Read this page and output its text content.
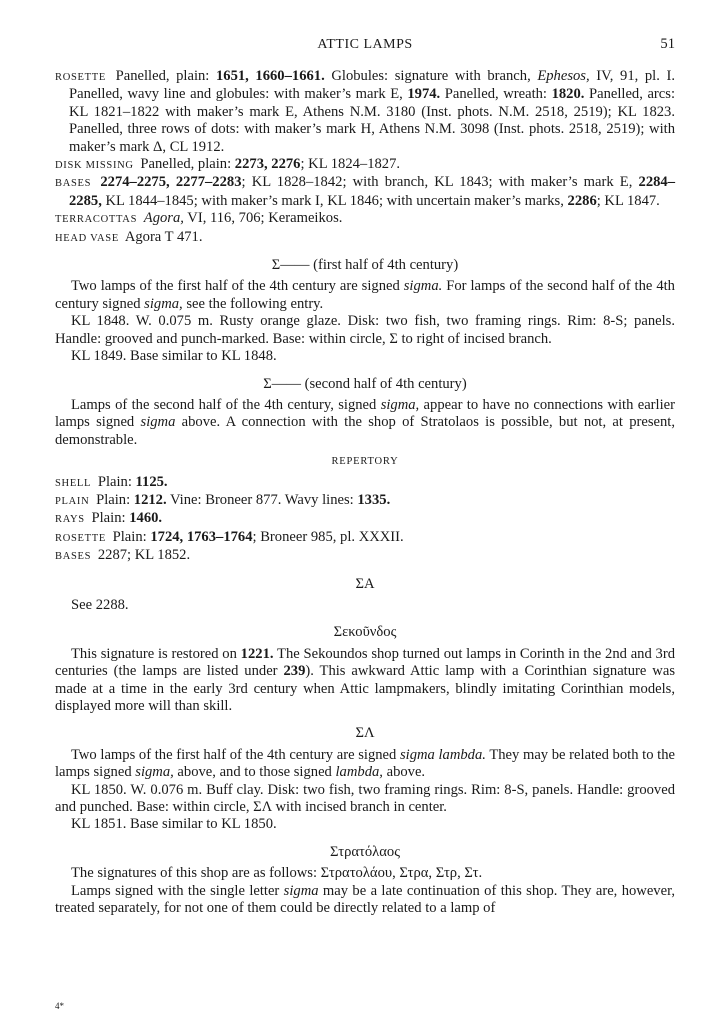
ATTIC LAMPS	51

ROSETTE Panelled, plain: 1651, 1660–1661. Globules: signature with branch, Ephesos, IV, 91, pl. I. Panelled, wavy line and globules: with maker’s mark E, 1974. Panelled, wreath: 1820. Panelled, arcs: KL 1821–1822 with maker’s mark E, Athens N.M. 3180 (Inst. phots. N.M. 2518, 2519); KL 1823. Panelled, three rows of dots: with maker’s mark H, Athens N.M. 3098 (Inst. phots. 2518, 2519); with maker’s mark Δ, CL 1912.

DISK MISSING Panelled, plain: 2273, 2276; KL 1824–1827.

BASES 2274–2275, 2277–2283; KL 1828–1842; with branch, KL 1843; with maker’s mark E, 2284–2285, KL 1844–1845; with maker’s mark I, KL 1846; with uncertain maker’s marks, 2286; KL 1847.

TERRACOTTAS Agora, VI, 116, 706; Kerameikos.

HEAD VASE Agora T 471.

Σ—— (first half of 4th century)

Two lamps of the first half of the 4th century are signed sigma. For lamps of the second half of the 4th century signed sigma, see the following entry.

KL 1848. W. 0.075 m. Rusty orange glaze. Disk: two fish, two framing rings. Rim: 8-S; panels. Handle: grooved and punch-marked. Base: within circle, Σ to right of incised branch.

KL 1849. Base similar to KL 1848.

Σ—— (second half of 4th century)

Lamps of the second half of the 4th century, signed sigma, appear to have no connections with earlier lamps signed sigma above. A connection with the shop of Stratolaos is possible, but not, at present, demonstrable.

REPERTORY

SHELL Plain: 1125.

PLAIN Plain: 1212. Vine: Broneer 877. Wavy lines: 1335.

RAYS Plain: 1460.

ROSETTE Plain: 1724, 1763–1764; Broneer 985, pl. XXXII.

BASES 2287; KL 1852.

ΣΑ

See 2288.

Σεκοῦνδος

This signature is restored on 1221. The Sekoundos shop turned out lamps in Corinth in the 2nd and 3rd centuries (the lamps are listed under 239). This awkward Attic lamp with a Corinthian signature was made at a time in the early 3rd century when Attic lampmakers, blindly imitating Corinthian models, displayed more will than skill.

ΣΛ

Two lamps of the first half of the 4th century are signed sigma lambda. They may be related both to the lamps signed sigma, above, and to those signed lambda, above.

KL 1850. W. 0.076 m. Buff clay. Disk: two fish, two framing rings. Rim: 8-S, panels. Handle: grooved and punched. Base: within circle, ΣΛ with incised branch in center.

KL 1851. Base similar to KL 1850.

Στρατόλαος

The signatures of this shop are as follows: Στρατολάου, Στρα, Στρ, Στ.

Lamps signed with the single letter sigma may be a late continuation of this shop. They are, however, treated separately, for not one of them could be directly related to a lamp of

4*
